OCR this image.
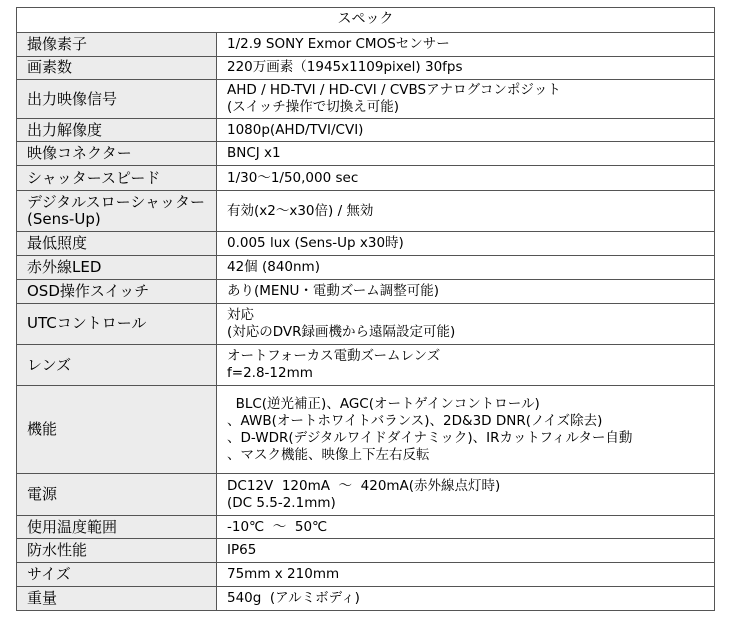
スペック	

撮像素子	1/2.9 SONY Exmor CMOSセンサー

画素数	220万画素（1945x1109pixel) 30fps

出力映像信号	AHD / HD-TVI / HD-CVI / CVBSアナログコンポジット
(スイッチ操作で切換え可能)

出力解像度	1080p(AHD/TVI/CVI)

映像コネクター	BNCJ x1

シャッタースピード	1/30〜1/50,000 sec

デジタルスローシャッター
(Sens-Up)	有効(x2〜x30倍) / 無効

最低照度	0.005 lux (Sens-Up x30時)

赤外線LED	42個 (840nm)

OSD操作スイッチ	あり(MENU・電動ズーム調整可能)

UTCコントロール	対応
(対応のDVR録画機から遠隔設定可能)

レンズ	オートフォーカス電動ズームレンズ
f=2.8-12mm

機能	BLC(逆光補正)、AGC(オートゲインコントロール)
、AWB(オートホワイトバランス)、2D&3D DNR(ノイズ除去)
、D-WDR(デジタルワイドダイナミック)、IRカットフィルター自動
、マスク機能、映像上下左右反転

電源	DC12V  120mA  〜  420mA(赤外線点灯時)
(DC 5.5-2.1mm)

使用温度範囲	-10℃  〜  50℃

防水性能	IP65

サイズ	75mm x 210mm

重量	540g  (アルミボディ)
